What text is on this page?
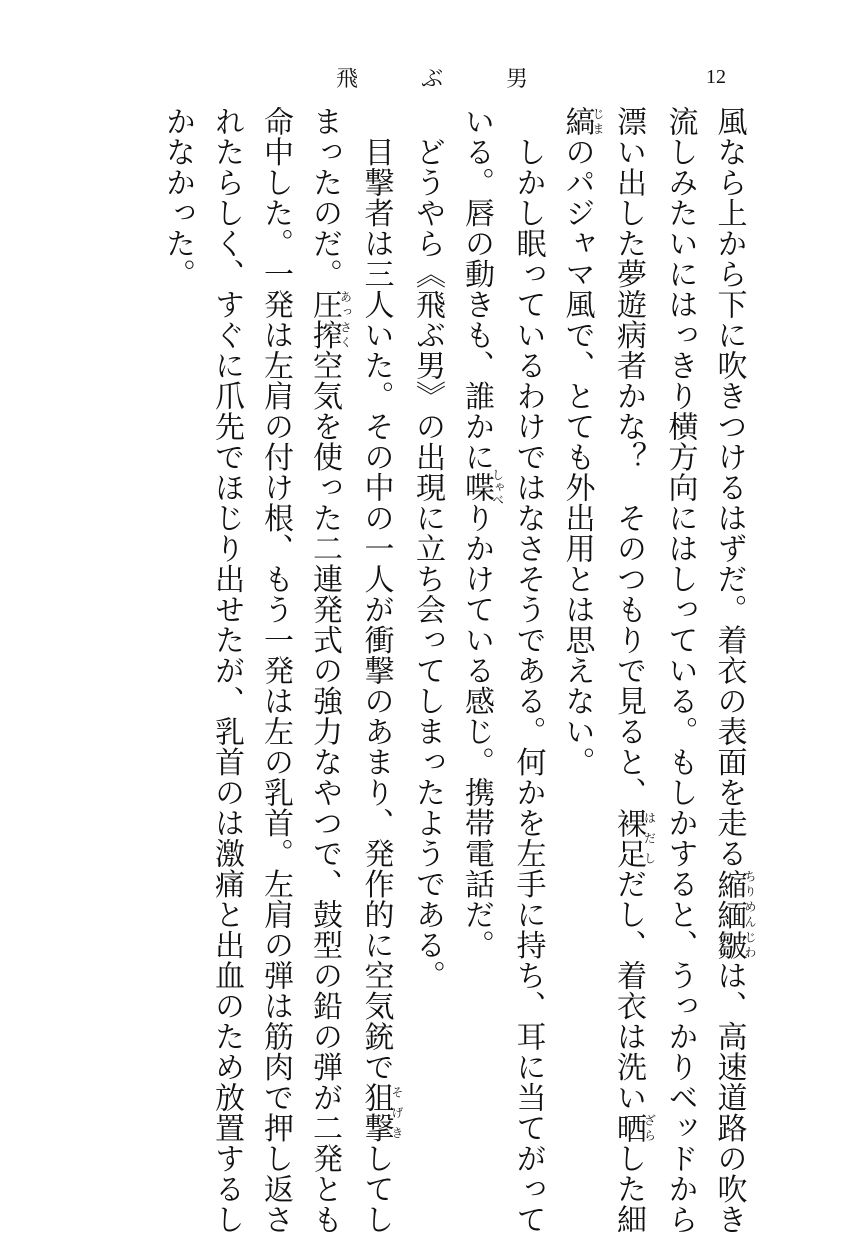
飛 ぶ 男	12

風なら上から下に吹きつけるはずだ。着衣の表面を走る縮緬皺ちりめんじわは、高速道路の吹き
流しみたいにはっきり横方向にはしっている。もしかすると、うっかりベッドから
漂い出した夢遊病者かな？　そのつもりで見ると、裸足はだしだし、着衣は洗い晒ざらした細
縞じまのパジャマ風で、とても外出用とは思えない。

　しかし眠っているわけではなさそうである。何かを左手に持ち、耳に当てがって
いる。唇の動きも、誰かに喋しゃべりかけている感じ。携帯電話だ。

　どうやら《飛ぶ男》の出現に立ち会ってしまったようである。

　目撃者は三人いた。その中の一人が衝撃のあまり、発作的に空気銃で狙撃そげきしてし
まったのだ。圧搾あっさく空気を使った二連発式の強力なやつで、鼓型の鉛の弾が二発とも
命中した。一発は左肩の付け根、もう一発は左の乳首。左肩の弾は筋肉で押し返さ
れたらしく、すぐに爪先でほじり出せたが、乳首のは激痛と出血のため放置するし
かなかった。
